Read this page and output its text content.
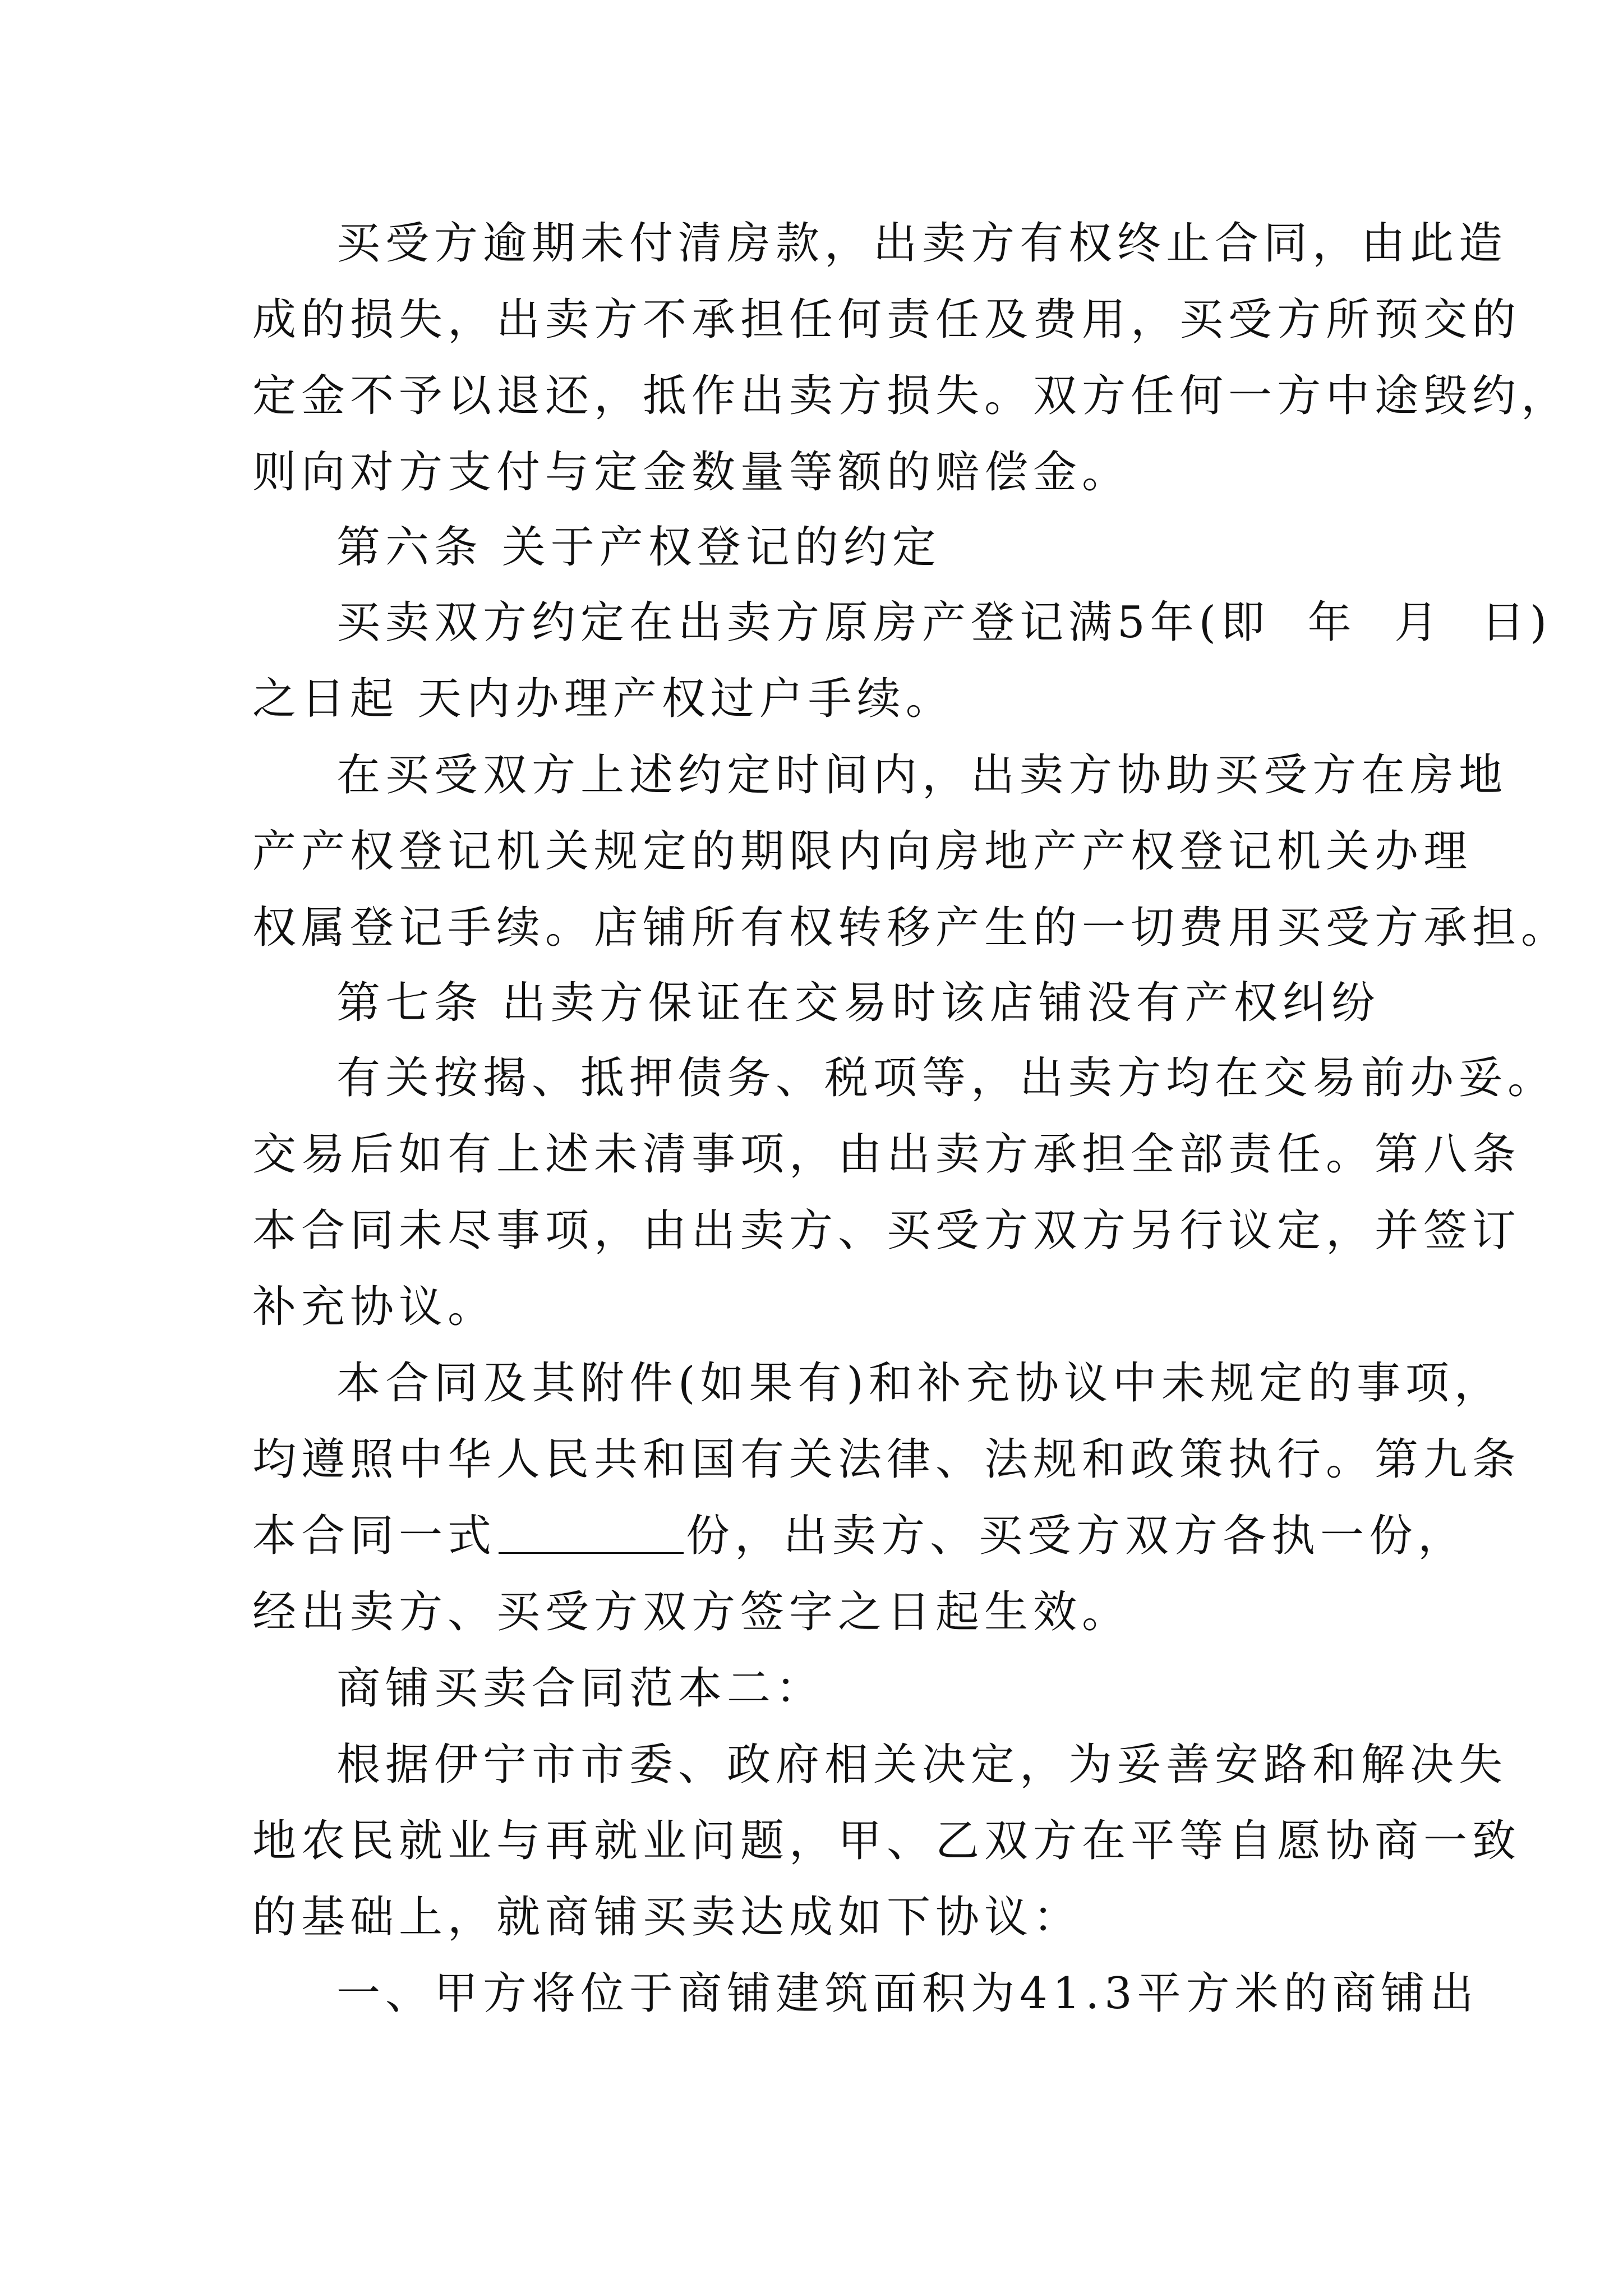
买受方逾期未付清房款，出卖方有权终止合同，由此造
成的损失，出卖方不承担任何责任及费用，买受方所预交的
定金不予以退还，抵作出卖方损失。双方任何一方中途毁约，
则向对方支付与定金数量等额的赔偿金。
第六条 关于产权登记的约定
买卖双方约定在出卖方原房产登记满5年(即  年  月  日)
之日起 天内办理产权过户手续。
在买受双方上述约定时间内，出卖方协助买受方在房地
产产权登记机关规定的期限内向房地产产权登记机关办理
权属登记手续。店铺所有权转移产生的一切费用买受方承担。
第七条 出卖方保证在交易时该店铺没有产权纠纷
有关按揭、抵押债务、税项等，出卖方均在交易前办妥。
交易后如有上述未清事项，由出卖方承担全部责任。第八条
本合同未尽事项，由出卖方、买受方双方另行议定，并签订
补充协议。
本合同及其附件(如果有)和补充协议中未规定的事项，
均遵照中华人民共和国有关法律、法规和政策执行。第九条
本合同一式	份，出卖方、买受方双方各执一份，
经出卖方、买受方双方签字之日起生效。
商铺买卖合同范本二：
根据伊宁市市委、政府相关决定，为妥善安路和解决失
地农民就业与再就业问题，甲、乙双方在平等自愿协商一致
的基础上，就商铺买卖达成如下协议：
一、甲方将位于商铺建筑面积为41.3平方米的商铺出
